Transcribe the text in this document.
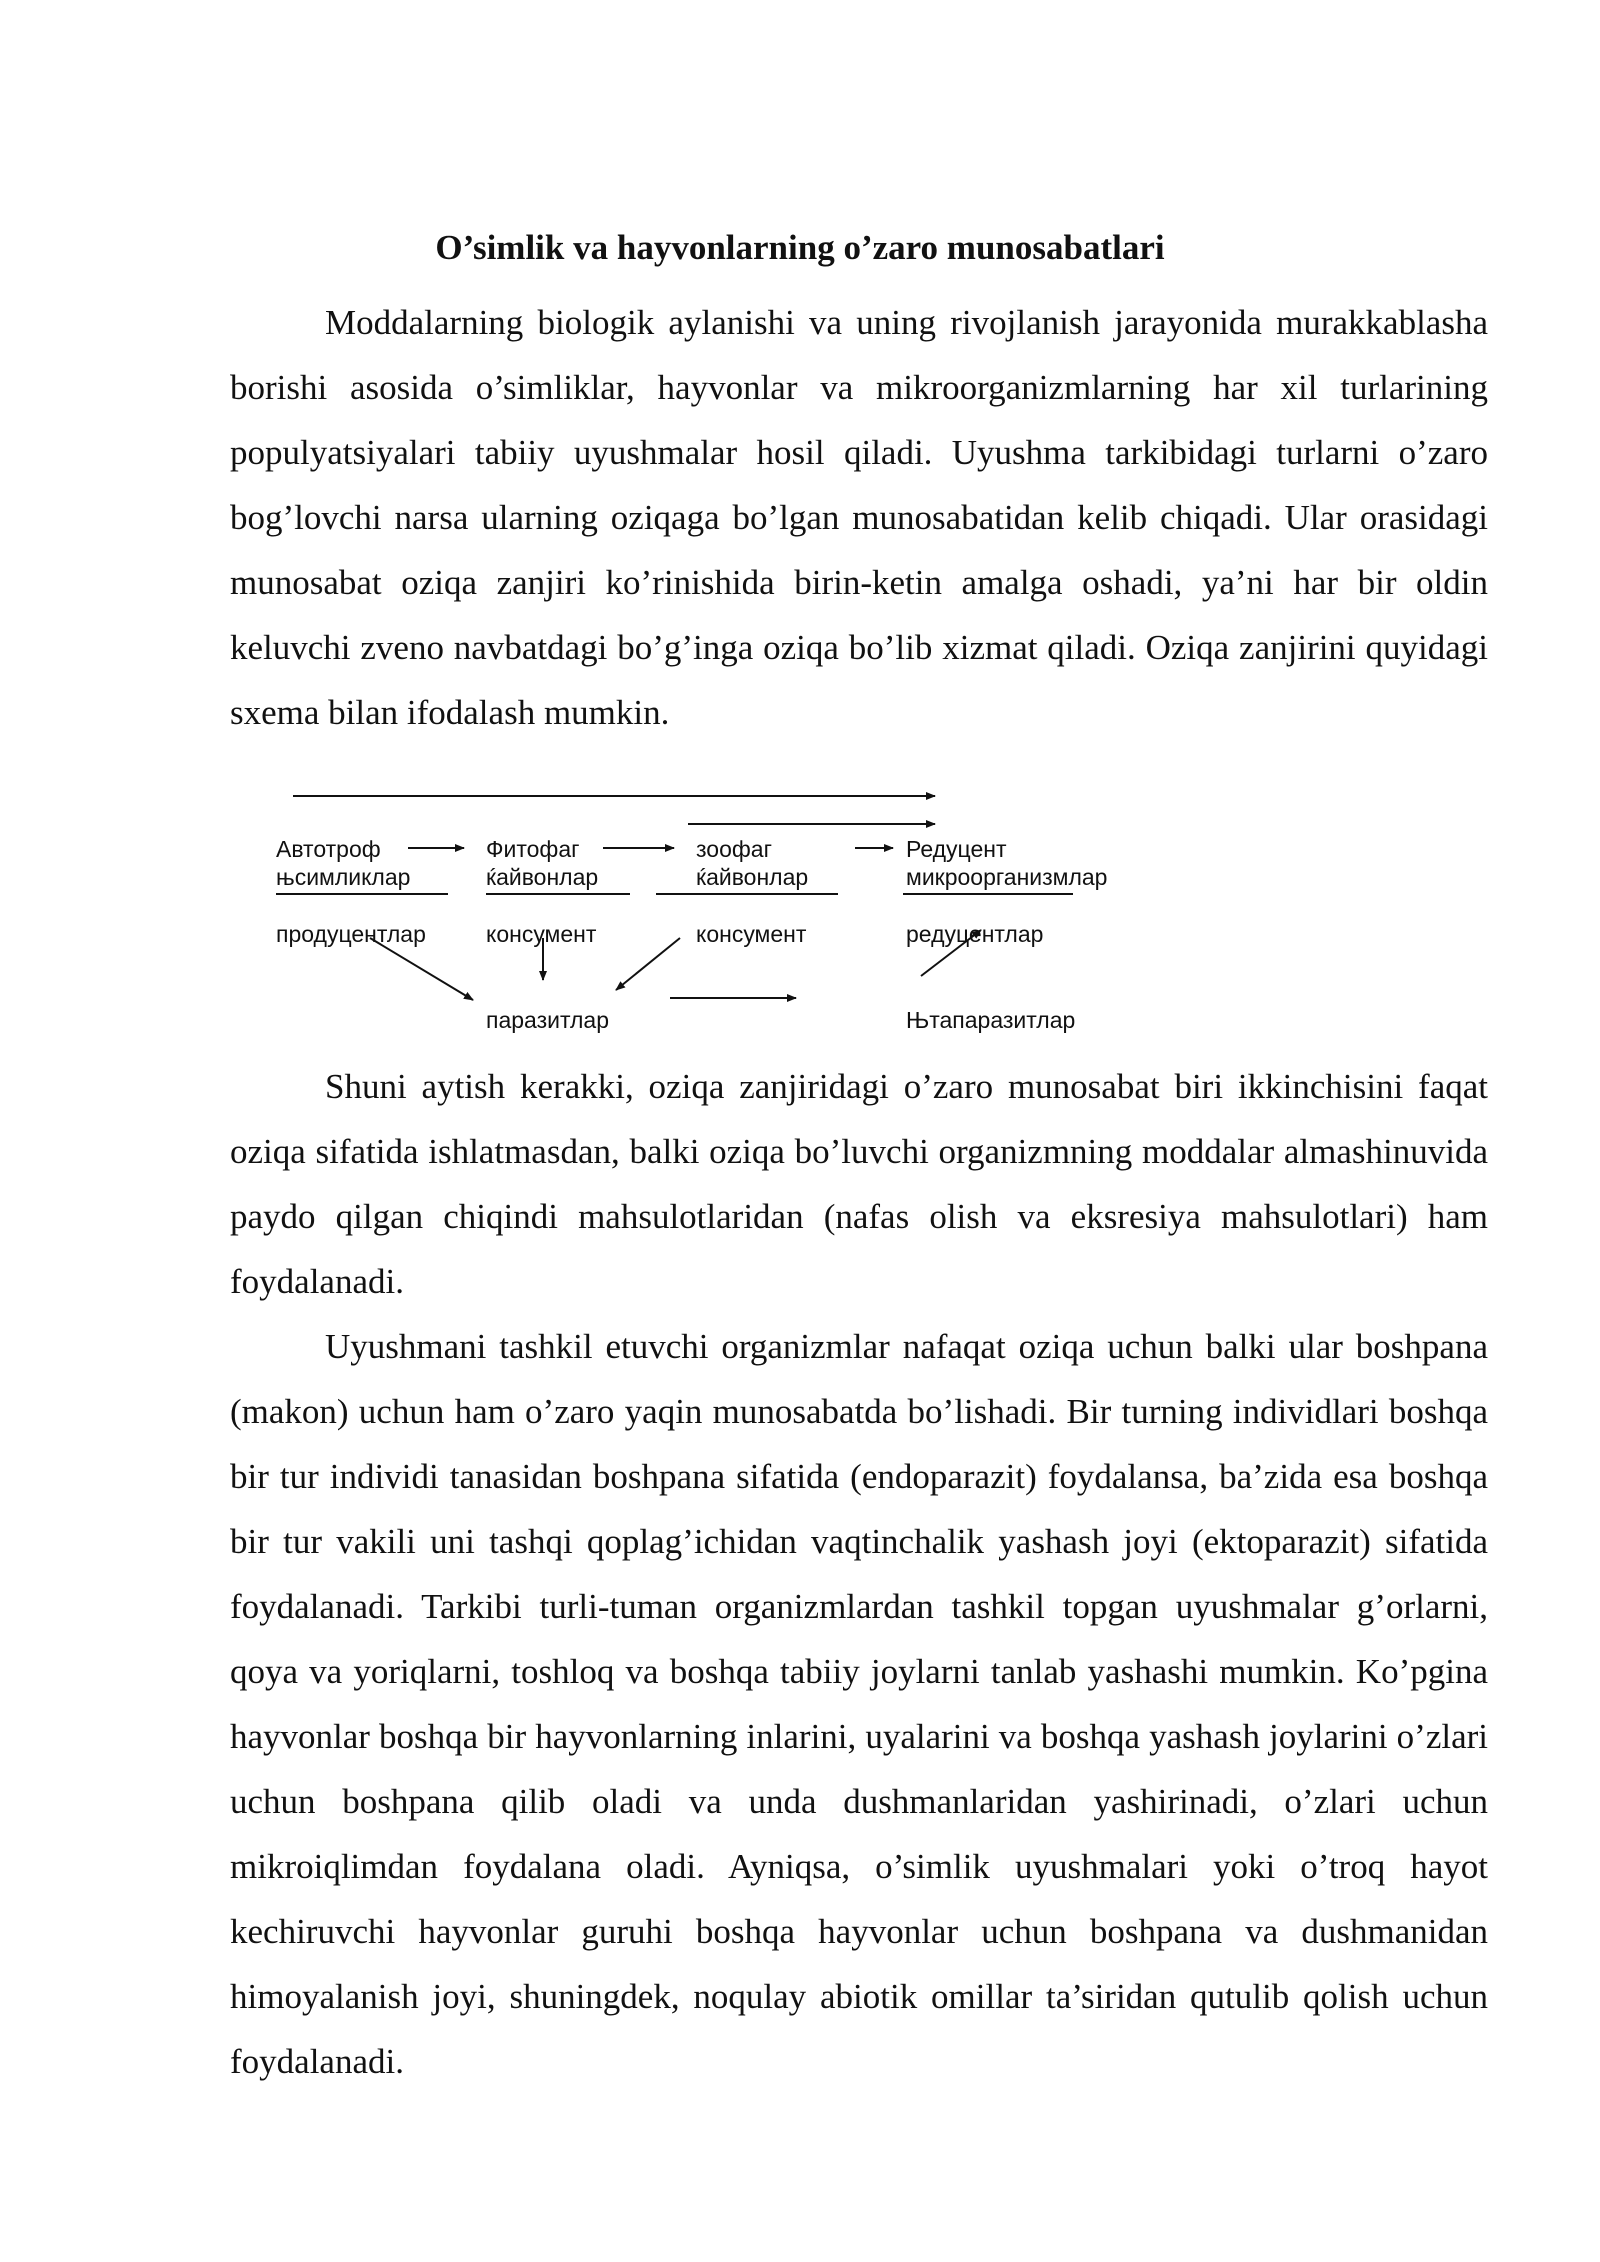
O’simlik va hayvonlarning o’zaro munosabatlari

Moddalarning biologik aylanishi va uning rivojlanish jarayonida murakkablasha borishi asosida o’simliklar, hayvonlar va mikroorganizmlarning har xil turlarining populyatsiyalari tabiiy uyushmalar hosil qiladi. Uyushma tarkibidagi turlarni o’zaro bog’lovchi narsa ularning oziqaga bo’lgan munosabatidan kelib chiqadi. Ular orasidagi munosabat oziqa zanjiri ko’rinishida birin-ketin amalga oshadi, ya’ni har bir oldin keluvchi zveno navbatdagi bo’g’inga oziqa bo’lib xizmat qiladi. Oziqa zanjirini quyidagi sxema bilan ifodalash mumkin.

Автотроф
њсимликлар
продуцентлар
Фитофаг
ќайвонлар
консумент
зоофаг
ќайвонлар
консумент
Редуцент
микроорганизмлар
редуцентлар
паразитлар	Њтапаразитлар

Shuni aytish kerakki, oziqa zanjiridagi o’zaro munosabat biri ikkinchisini faqat oziqa sifatida ishlatmasdan, balki oziqa bo’luvchi organizmning moddalar almashinuvida paydo qilgan chiqindi mahsulotlaridan (nafas olish va eksresiya mahsulotlari) ham foydalanadi.

Uyushmani tashkil etuvchi organizmlar nafaqat oziqa uchun balki ular boshpana (makon) uchun ham o’zaro yaqin munosabatda bo’lishadi. Bir turning individlari boshqa bir tur individi tanasidan boshpana sifatida (endoparazit) foydalansa, ba’zida esa boshqa bir tur vakili uni tashqi qoplag’ichidan vaqtinchalik yashash joyi (ektoparazit) sifatida foydalanadi. Tarkibi turli-tuman organizmlardan tashkil topgan uyushmalar g’orlarni, qoya va yoriqlarni, toshloq va boshqa tabiiy joylarni tanlab yashashi mumkin. Ko’pgina hayvonlar boshqa bir hayvonlarning inlarini, uyalarini va boshqa yashash joylarini o’zlari uchun boshpana qilib oladi va unda dushmanlaridan yashirinadi, o’zlari uchun mikroiqlimdan foydalana oladi. Ayniqsa, o’simlik uyushmalari yoki o’troq hayot kechiruvchi hayvonlar guruhi boshqa hayvonlar uchun boshpana va dushmanidan himoyalanish joyi, shuningdek, noqulay abiotik omillar ta’siridan qutulib qolish uchun foydalanadi.
